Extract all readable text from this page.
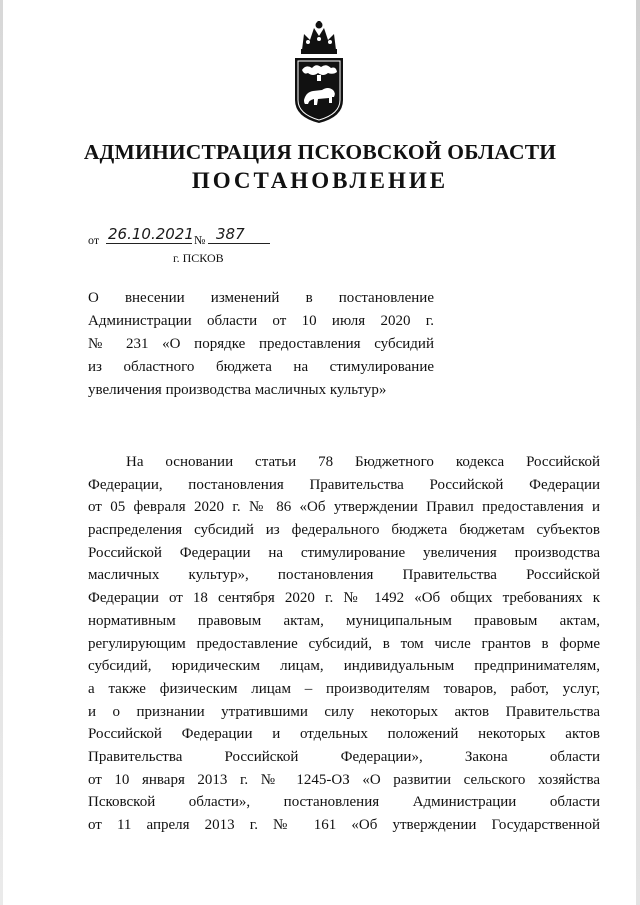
АДМИНИСТРАЦИЯ ПСКОВСКОЙ ОБЛАСТИ
ПОСТАНОВЛЕНИЕ
от 26.10.2021 № 387
г. ПСКОВ
О внесении изменений в постановление
Администрации области от 10 июля 2020 г.
№ 231 «О порядке предоставления субсидий
из областного бюджета на стимулирование
увеличения производства масличных культур»
На основании статьи 78 Бюджетного кодекса Российской
Федерации, постановления Правительства Российской Федерации
от 05 февраля 2020 г. № 86 «Об утверждении Правил предоставления и
распределения субсидий из федерального бюджета бюджетам субъектов
Российской Федерации на стимулирование увеличения производства
масличных культур», постановления Правительства Российской
Федерации от 18 сентября 2020 г. № 1492 «Об общих требованиях к
нормативным правовым актам, муниципальным правовым актам,
регулирующим предоставление субсидий, в том числе грантов в форме
субсидий, юридическим лицам, индивидуальным предпринимателям,
а также физическим лицам – производителям товаров, работ, услуг,
и о признании утратившими силу некоторых актов Правительства
Российской Федерации и отдельных положений некоторых актов
Правительства Российской Федерации», Закона области
от 10 января 2013 г. № 1245-ОЗ «О развитии сельского хозяйства
Псковской области», постановления Администрации области
от 11 апреля 2013 г. № 161 «Об утверждении Государственной
